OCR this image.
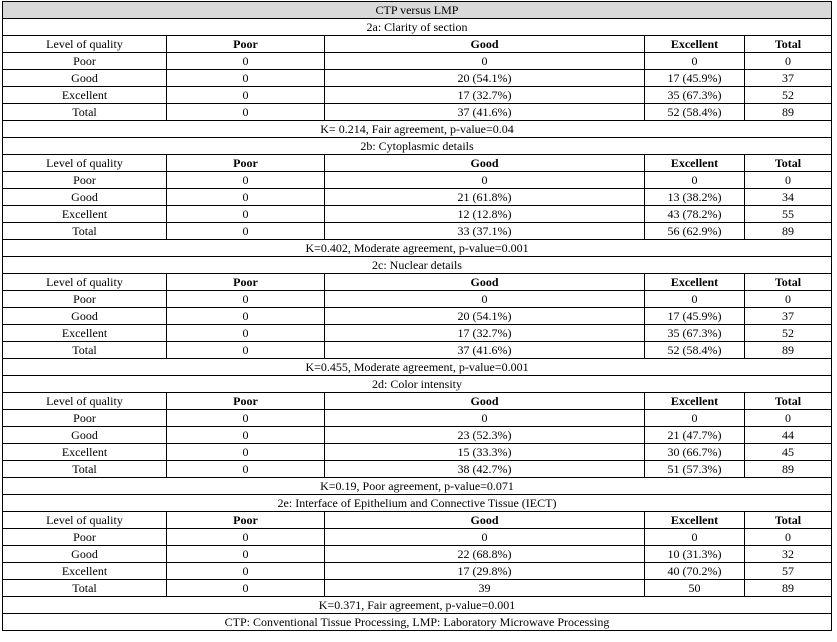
CTP versus LMP				
2a: Clarity of section				
Level of quality	Poor	Good	Excellent	Total
Poor	0	0	0	0
Good	0	20 (54.1%)	17 (45.9%)	37
Excellent	0	17 (32.7%)	35 (67.3%)	52
Total	0	37 (41.6%)	52 (58.4%)	89
K= 0.214, Fair agreement, p-value=0.04				
2b: Cytoplasmic details				
Level of quality	Poor	Good	Excellent	Total
Poor	0	0	0	0
Good	0	21 (61.8%)	13 (38.2%)	34
Excellent	0	12 (12.8%)	43 (78.2%)	55
Total	0	33 (37.1%)	56 (62.9%)	89
K=0.402, Moderate agreement, p-value=0.001				
2c: Nuclear details				
Level of quality	Poor	Good	Excellent	Total
Poor	0	0	0	0
Good	0	20 (54.1%)	17 (45.9%)	37
Excellent	0	17 (32.7%)	35 (67.3%)	52
Total	0	37 (41.6%)	52 (58.4%)	89
K=0.455, Moderate agreement, p-value=0.001				
2d: Color intensity				
Level of quality	Poor	Good	Excellent	Total
Poor	0	0	0	0
Good	0	23 (52.3%)	21 (47.7%)	44
Excellent	0	15 (33.3%)	30 (66.7%)	45
Total	0	38 (42.7%)	51 (57.3%)	89
K=0.19, Poor agreement, p-value=0.071				
2e: Interface of Epithelium and Connective Tissue (IECT)				
Level of quality	Poor	Good	Excellent	Total
Poor	0	0	0	0
Good	0	22 (68.8%)	10 (31.3%)	32
Excellent	0	17 (29.8%)	40 (70.2%)	57
Total	0	39	50	89
K=0.371, Fair agreement, p-value=0.001				
CTP: Conventional Tissue Processing, LMP: Laboratory Microwave Processing				
